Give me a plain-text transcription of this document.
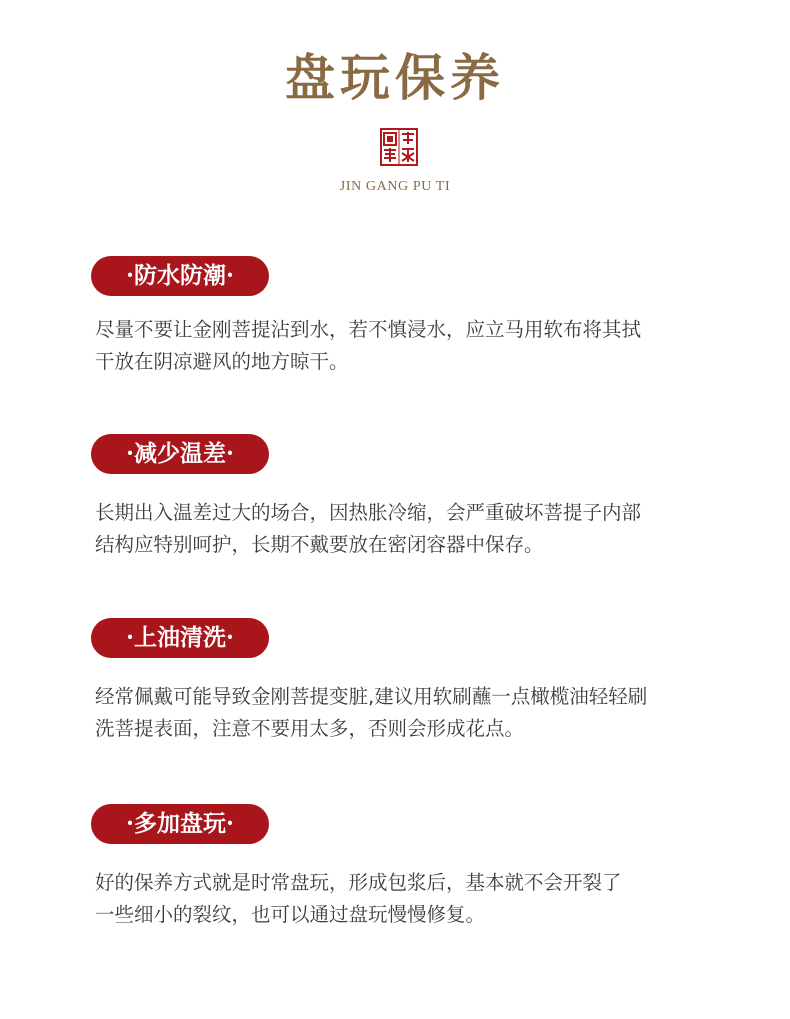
盘玩保养
JIN GANG PU TI
·防水防潮·
尽量不要让金刚菩提沾到水，若不慎浸水，应立马用软布将其拭
干放在阴凉避风的地方晾干。
·减少温差·
长期出入温差过大的场合，因热胀冷缩，会严重破坏菩提子内部
结构应特别呵护，长期不戴要放在密闭容器中保存。
·上油清洗·
经常佩戴可能导致金刚菩提变脏,建议用软刷蘸一点橄榄油轻轻刷
洗菩提表面，注意不要用太多，否则会形成花点。
·多加盘玩·
好的保养方式就是时常盘玩，形成包浆后，基本就不会开裂了
一些细小的裂纹，也可以通过盘玩慢慢修复。
